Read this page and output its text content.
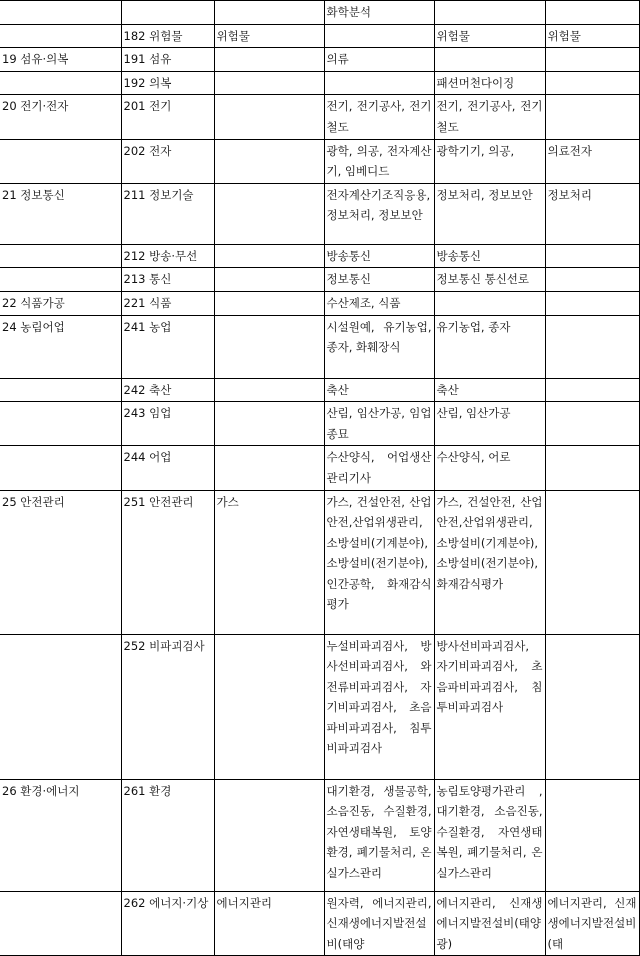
			화학분석		
	182 위험물	위험물		위험물	위험물
19 섬유·의복	191 섬유		의류		
	192 의복			패션머천다이징	
20 전기·전자	201 전기		전기, 전기공사, 전기철도	전기, 전기공사, 전기철도	
	202 전자		광학, 의공, 전자계산기, 임베디드	광학기기, 의공,	의료전자
21 정보통신	211 정보기술		전자계산기조직응용, 정보처리, 정보보안	정보처리, 정보보안	정보처리
	212 방송·무선		방송통신	방송통신	
	213 통신		정보통신	정보통신 통신선로	
22 식품가공	221 식품		수산제조, 식품		
24 농림어업	241 농업		시설원예, 유기농업, 종자, 화훼장식	유기농업, 종자	
	242 축산		축산	축산	
	243 임업		산림, 임산가공, 임업종묘	산림, 임산가공	
	244 어업		수산양식, 어업생산관리기사	수산양식, 어로	
25 안전관리	251 안전관리	가스	가스, 건설안전, 산업안전,산업위생관리, 소방설비(기계분야), 소방설비(전기분야), 인간공학, 화재감식평가	가스, 건설안전, 산업안전,산업위생관리, 소방설비(기계분야), 소방설비(전기분야), 화재감식평가	
	252 비파괴검사		누설비파괴검사, 방사선비파괴검사, 와전류비파괴검사, 자기비파괴검사, 초음파비파괴검사, 침투비파괴검사	방사선비파괴검사, 자기비파괴검사, 초음파비파괴검사, 침투비파괴검사	
26 환경·에너지	261 환경		대기환경, 생물공학, 소음진동, 수질환경, 자연생태복원, 토양환경, 폐기물처리, 온실가스관리	농림토양평가관리 ,대기환경, 소음진동, 수질환경, 자연생태복원, 폐기물처리, 온실가스관리	
	262 에너지·기상	에너지관리	원자력, 에너지관리, 신재생에너지발전설비(태양	에너지관리, 신재생에너지발전설비(태양광)	에너지관리, 신재생에너지발전설비(태
